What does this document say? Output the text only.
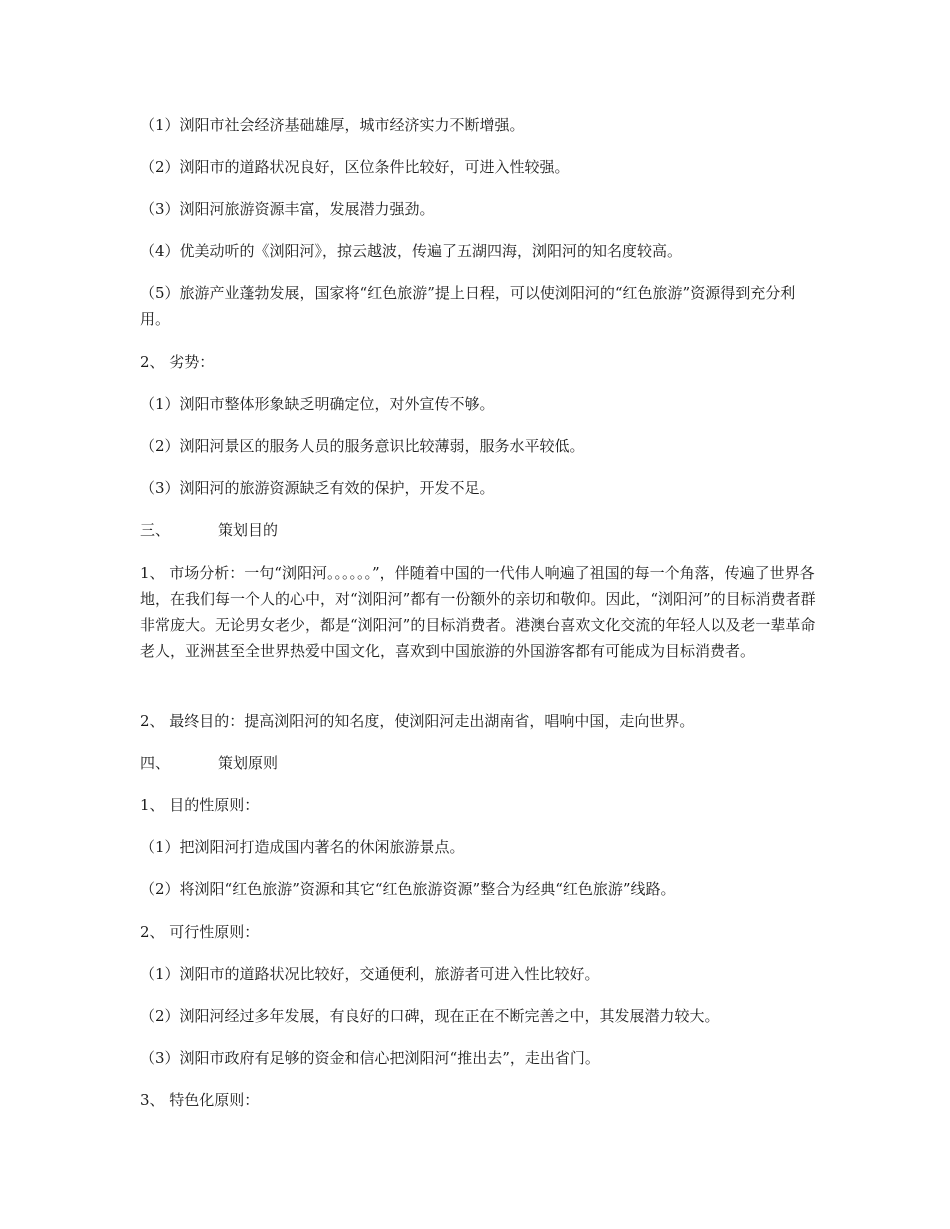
（1）浏阳市社会经济基础雄厚，城市经济实力不断增强。
（2）浏阳市的道路状况良好，区位条件比较好，可进入性较强。
（3）浏阳河旅游资源丰富，发展潜力强劲。
（4）优美动听的《浏阳河》，掠云越波，传遍了五湖四海，浏阳河的知名度较高。
（5）旅游产业蓬勃发展，国家将“红色旅游”提上日程，可以使浏阳河的“红色旅游”资源得到充分利用。
2、 劣势：
（1）浏阳市整体形象缺乏明确定位，对外宣传不够。
（2）浏阳河景区的服务人员的服务意识比较薄弱，服务水平较低。
（3）浏阳河的旅游资源缺乏有效的保护，开发不足。
三、	策划目的
1、 市场分析：一句“浏阳河。。。。。。”，伴随着中国的一代伟人响遍了祖国的每一个角落，传遍了世界各地，在我们每一个人的心中，对“浏阳河”都有一份额外的亲切和敬仰。因此，“浏阳河”的目标消费者群非常庞大。无论男女老少，都是“浏阳河”的目标消费者。港澳台喜欢文化交流的年轻人以及老一辈革命老人，亚洲甚至全世界热爱中国文化，喜欢到中国旅游的外国游客都有可能成为目标消费者。
2、 最终目的：提高浏阳河的知名度，使浏阳河走出湖南省，唱响中国，走向世界。
四、	策划原则
1、 目的性原则：
（1）把浏阳河打造成国内著名的休闲旅游景点。
（2）将浏阳“红色旅游”资源和其它“红色旅游资源”整合为经典“红色旅游”线路。
2、 可行性原则：
（1）浏阳市的道路状况比较好，交通便利，旅游者可进入性比较好。
（2）浏阳河经过多年发展，有良好的口碑，现在正在不断完善之中，其发展潜力较大。
（3）浏阳市政府有足够的资金和信心把浏阳河“推出去”，走出省门。
3、 特色化原则：
